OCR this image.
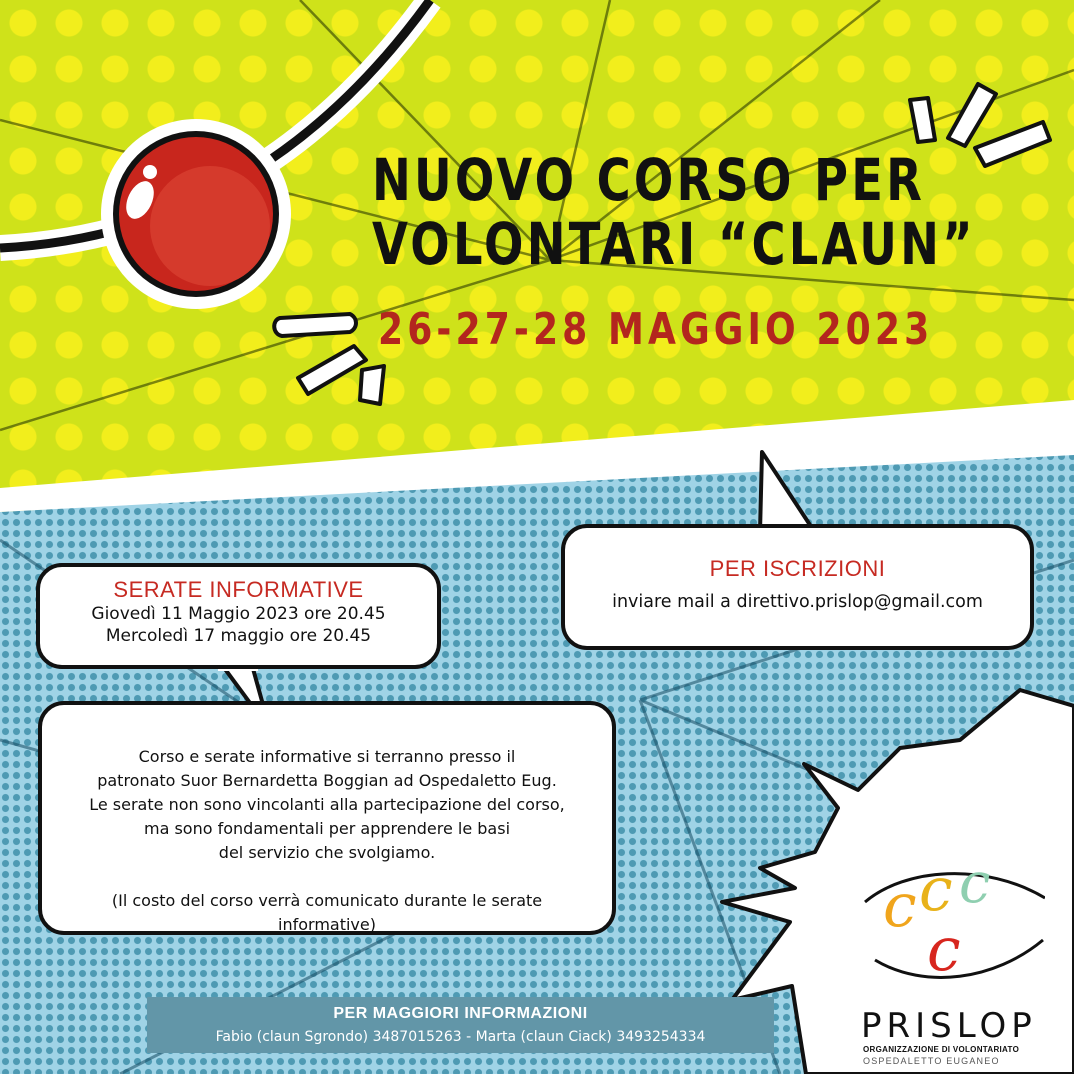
NUOVO CORSO PER
VOLONTARI “CLAUN”
26-27-28 MAGGIO 2023
PER ISCRIZIONI
inviare mail a direttivo.prislop@gmail.com
SERATE INFORMATIVE
Giovedì 11 Maggio 2023 ore 20.45
Mercoledì 17 maggio ore 20.45

Corso e serate informative si terranno presso il

patronato Suor Bernardetta Boggian ad Ospedaletto Eug.

Le serate non sono vincolanti alla partecipazione del corso,

ma sono fondamentali per apprendere le basi

del servizio che svolgiamo.

(Il costo del corso verrà comunicato durante le serate

informative)

PER MAGGIORI INFORMAZIONI
Fabio (claun Sgrondo) 3487015263 - Marta (claun Ciack) 3493254334
c c c
c
PRISLOP
ORGANIZZAZIONE DI VOLONTARIATO
OSPEDALETTO EUGANEO
